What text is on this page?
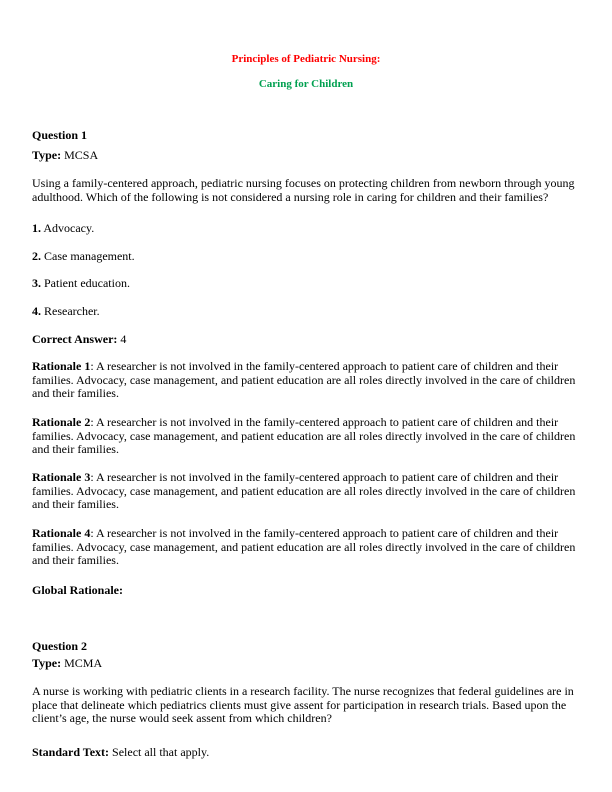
Principles of Pediatric Nursing:
Caring for Children
Question 1
Type: MCSA
Using a family-centered approach, pediatric nursing focuses on protecting children from newborn through young adulthood. Which of the following is not considered a nursing role in caring for children and their families?
1. Advocacy.
2. Case management.
3. Patient education.
4. Researcher.
Correct Answer: 4
Rationale 1: A researcher is not involved in the family-centered approach to patient care of children and their families. Advocacy, case management, and patient education are all roles directly involved in the care of children and their families.
Rationale 2: A researcher is not involved in the family-centered approach to patient care of children and their families. Advocacy, case management, and patient education are all roles directly involved in the care of children and their families.
Rationale 3: A researcher is not involved in the family-centered approach to patient care of children and their families. Advocacy, case management, and patient education are all roles directly involved in the care of children and their families.
Rationale 4: A researcher is not involved in the family-centered approach to patient care of children and their families. Advocacy, case management, and patient education are all roles directly involved in the care of children and their families.
Global Rationale:
Question 2
Type: MCMA
A nurse is working with pediatric clients in a research facility. The nurse recognizes that federal guidelines are in place that delineate which pediatrics clients must give assent for participation in research trials. Based upon the client’s age, the nurse would seek assent from which children?
Standard Text: Select all that apply.
